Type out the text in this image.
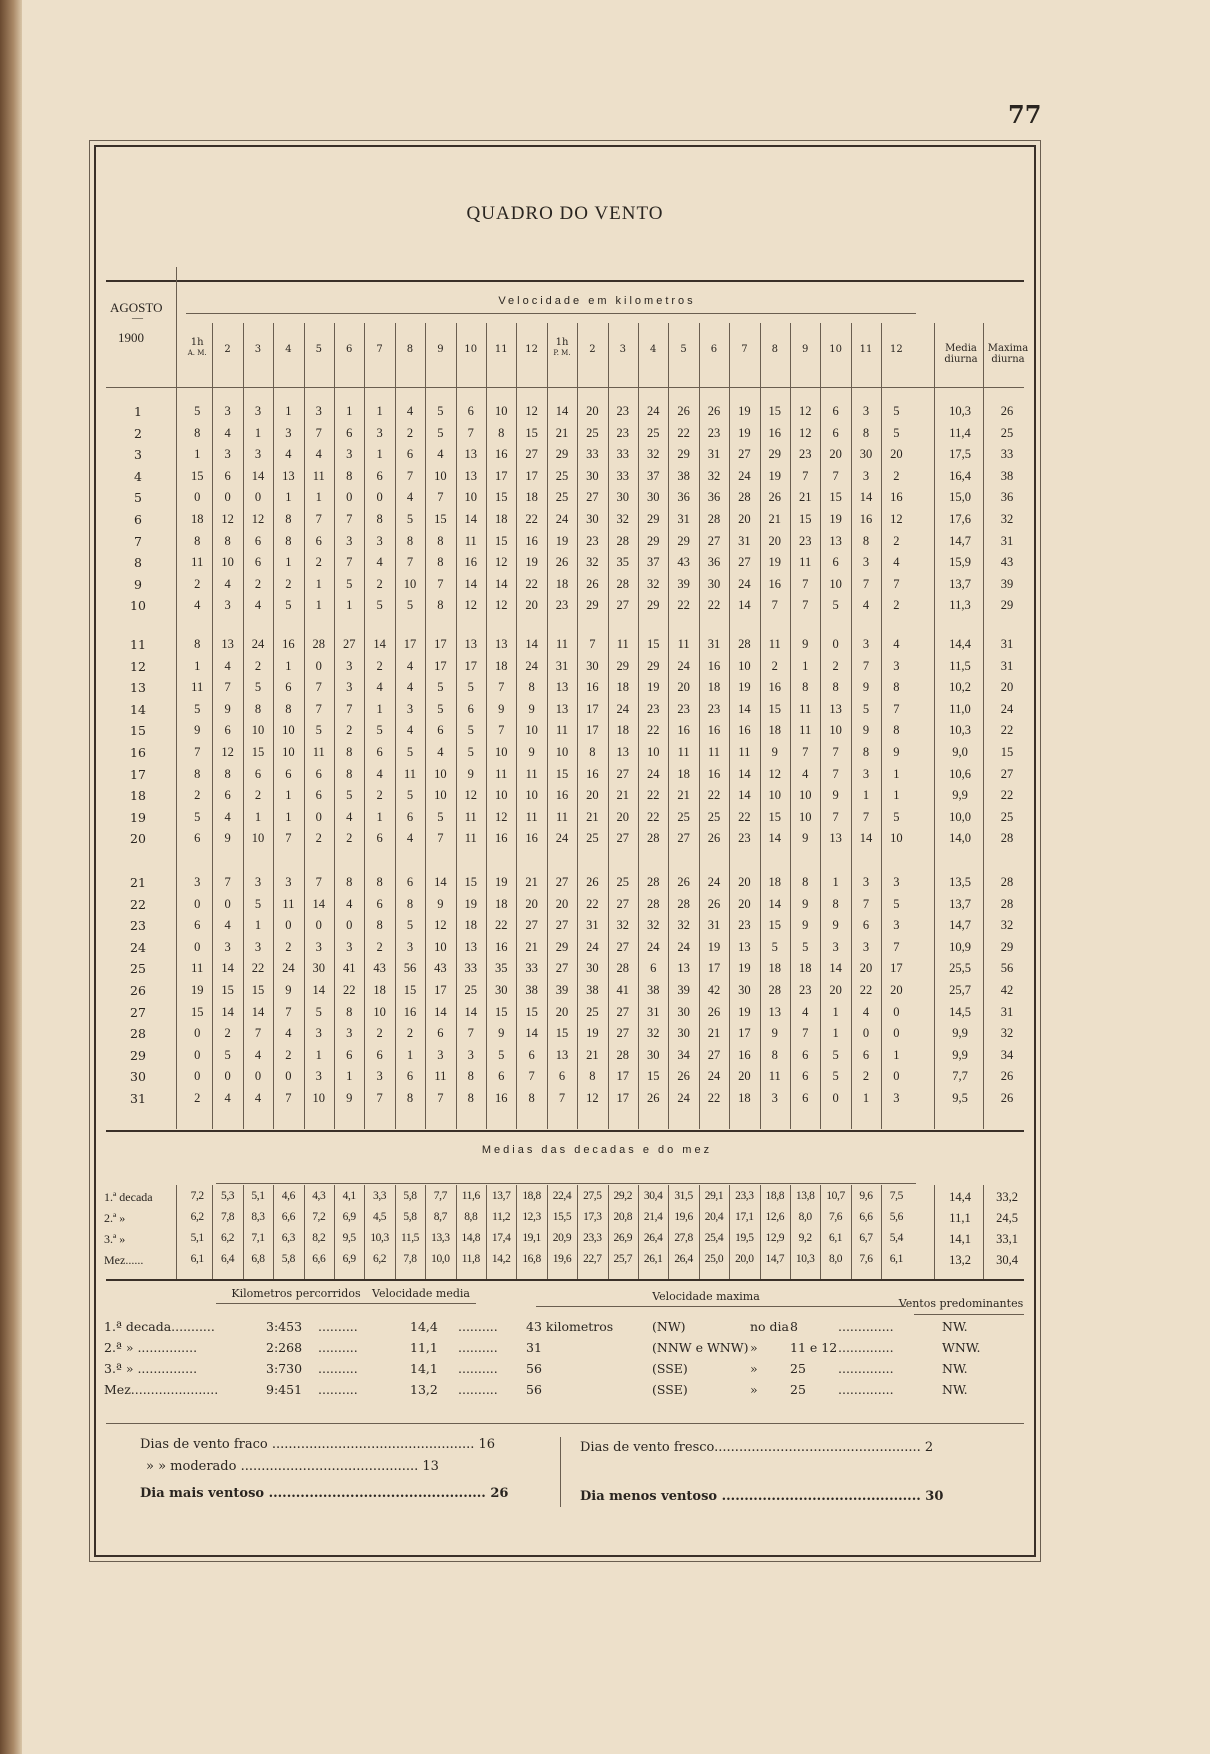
77
QUADRO DO VENTO
AGOSTO
—
1900
Velocidade em kilometros
1h
A. M.	2	3	4	5	6	7	8	9	10	11	12
1h
P. M.	2	3	4	5	6	7	8	9	10	11	12	Media diurna
Maxima diurna
1	5	3	3	1	3	1	1	4	5	6	10	12	14	20	23	24	26	26	19	15	12	6	3	5	10,3	26
2	8	4	1	3	7	6	3	2	5	7	8	15	21	25	23	25	22	23	19	16	12	6	8	5	11,4	25
3	1	3	3	4	4	3	1	6	4	13	16	27	29	33	33	32	29	31	27	29	23	20	30	20	17,5	33
4	15	6	14	13	11	8	6	7	10	13	17	17	25	30	33	37	38	32	24	19	7	7	3	2	16,4	38
5	0	0	0	1	1	0	0	4	7	10	15	18	25	27	30	30	36	36	28	26	21	15	14	16	15,0	36
6	18	12	12	8	7	7	8	5	15	14	18	22	24	30	32	29	31	28	20	21	15	19	16	12	17,6	32
7	8	8	6	8	6	3	3	8	8	11	15	16	19	23	28	29	29	27	31	20	23	13	8	2	14,7	31
8	11	10	6	1	2	7	4	7	8	16	12	19	26	32	35	37	43	36	27	19	11	6	3	4	15,9	43
9	2	4	2	2	1	5	2	10	7	14	14	22	18	26	28	32	39	30	24	16	7	10	7	7	13,7	39
10	4	3	4	5	1	1	5	5	8	12	12	20	23	29	27	29	22	22	14	7	7	5	4	2	11,3	29
11	8	13	24	16	28	27	14	17	17	13	13	14	11	7	11	15	11	31	28	11	9	0	3	4	14,4	31
12	1	4	2	1	0	3	2	4	17	17	18	24	31	30	29	29	24	16	10	2	1	2	7	3	11,5	31
13	11	7	5	6	7	3	4	4	5	5	7	8	13	16	18	19	20	18	19	16	8	8	9	8	10,2	20
14	5	9	8	8	7	7	1	3	5	6	9	9	13	17	24	23	23	23	14	15	11	13	5	7	11,0	24
15	9	6	10	10	5	2	5	4	6	5	7	10	11	17	18	22	16	16	16	18	11	10	9	8	10,3	22
16	7	12	15	10	11	8	6	5	4	5	10	9	10	8	13	10	11	11	11	9	7	7	8	9	9,0	15
17	8	8	6	6	6	8	4	11	10	9	11	11	15	16	27	24	18	16	14	12	4	7	3	1	10,6	27
18	2	6	2	1	6	5	2	5	10	12	10	10	16	20	21	22	21	22	14	10	10	9	1	1	9,9	22
19	5	4	1	1	0	4	1	6	5	11	12	11	11	21	20	22	25	25	22	15	10	7	7	5	10,0	25
20	6	9	10	7	2	2	6	4	7	11	16	16	24	25	27	28	27	26	23	14	9	13	14	10	14,0	28
21	3	7	3	3	7	8	8	6	14	15	19	21	27	26	25	28	26	24	20	18	8	1	3	3	13,5	28
22	0	0	5	11	14	4	6	8	9	19	18	20	20	22	27	28	28	26	20	14	9	8	7	5	13,7	28
23	6	4	1	0	0	0	8	5	12	18	22	27	27	31	32	32	32	31	23	15	9	9	6	3	14,7	32
24	0	3	3	2	3	3	2	3	10	13	16	21	29	24	27	24	24	19	13	5	5	3	3	7	10,9	29
25	11	14	22	24	30	41	43	56	43	33	35	33	27	30	28	6	13	17	19	18	18	14	20	17	25,5	56
26	19	15	15	9	14	22	18	15	17	25	30	38	39	38	41	38	39	42	30	28	23	20	22	20	25,7	42
27	15	14	14	7	5	8	10	16	14	14	15	15	20	25	27	31	30	26	19	13	4	1	4	0	14,5	31
28	0	2	7	4	3	3	2	2	6	7	9	14	15	19	27	32	30	21	17	9	7	1	0	0	9,9	32
29	0	5	4	2	1	6	6	1	3	3	5	6	13	21	28	30	34	27	16	8	6	5	6	1	9,9	34
30	0	0	0	0	3	1	3	6	11	8	6	7	6	8	17	15	26	24	20	11	6	5	2	0	7,7	26
31	2	4	4	7	10	9	7	8	7	8	16	8	7	12	17	26	24	22	18	3	6	0	1	3	9,5	26
Medias das decadas e do mez
1.ª decada	7,2	5,3	5,1	4,6	4,3	4,1	3,3	5,8	7,7	11,6	13,7	18,8	22,4	27,5	29,2	30,4	31,5	29,1	23,3	18,8	13,8	10,7	9,6	7,5	14,4	33,2
2.ª »	6,2	7,8	8,3	6,6	7,2	6,9	4,5	5,8	8,7	8,8	11,2	12,3	15,5	17,3	20,8	21,4	19,6	20,4	17,1	12,6	8,0	7,6	6,6	5,6	11,1	24,5
3.ª »	5,1	6,2	7,1	6,3	8,2	9,5	10,3	11,5	13,3	14,8	17,4	19,1	20,9	23,3	26,9	26,4	27,8	25,4	19,5	12,9	9,2	6,1	6,7	5,4	14,1	33,1
Mez......	6,1	6,4	6,8	5,8	6,6	6,9	6,2	7,8	10,0	11,8	14,2	16,8	19,6	22,7	25,7	26,1	26,4	25,0	20,0	14,7	10,3	8,0	7,6	6,1	13,2	30,4
Kilometros percorridos	Velocidade media	Velocidade maxima
Ventos predominantes
1.ª decada...........	3:453	14,4	43 kilometros	(NW)	no dia 8	NW.
..........	..........	..............
2.ª » ...............	2:268	11,1	31	(NNW e WNW) »	11 e 12	WNW.
..........	..........	..............
3.ª » ...............	3:730	14,1	56	(SSE)	»	25	NW.
..........	..........	..............
Mez......................	9:451	13,2	56	(SSE)	»	25	NW.
..........	..........	..............
Dias de vento fraco ................................................. 16
» » moderado ........................................... 13
Dia mais ventoso ................................................ 26
Dias de vento fresco.................................................. 2
Dia menos ventoso ............................................ 30
